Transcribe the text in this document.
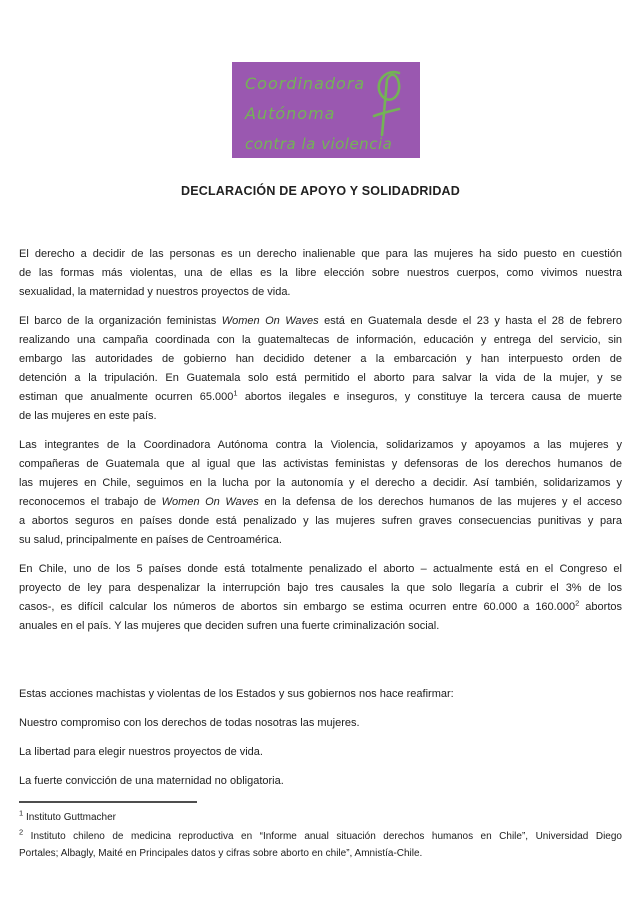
Coordinadora
Autónoma
contra la violencia
DECLARACIÓN DE APOYO Y SOLIDADRIDAD
El derecho a decidir de las personas es un derecho inalienable que para las mujeres ha sido puesto en cuestión
de las formas más violentas, una de ellas es la libre elección sobre nuestros cuerpos, como vivimos nuestra
sexualidad, la maternidad y nuestros proyectos de vida.
El barco de la organización feministas Women On Waves está en Guatemala desde el 23 y hasta el 28 de febrero
realizando una campaña coordinada con la guatemaltecas de información, educación y entrega del servicio, sin
embargo las autoridades de gobierno han decidido detener a la embarcación y han interpuesto orden de
detención a la tripulación. En Guatemala solo está permitido el aborto para salvar la vida de la mujer, y se
estiman que anualmente ocurren 65.000$^1$ abortos ilegales e inseguros, y constituye la tercera causa de muerte
de las mujeres en este país.
Las integrantes de la Coordinadora Autónoma contra la Violencia, solidarizamos y apoyamos a las mujeres y
compañeras de Guatemala que al igual que las activistas feministas y defensoras de los derechos humanos de
las mujeres en Chile, seguimos en la lucha por la autonomía y el derecho a decidir. Así también, solidarizamos y
reconocemos el trabajo de Women On Waves en la defensa de los derechos humanos de las mujeres y el acceso
a abortos seguros en países donde está penalizado y las mujeres sufren graves consecuencias punitivas y para
su salud, principalmente en países de Centroamérica.
En Chile, uno de los 5 países donde está totalmente penalizado el aborto – actualmente está en el Congreso el
proyecto de ley para despenalizar la interrupción bajo tres causales la que solo llegaría a cubrir el 3% de los
casos-, es difícil calcular los números de abortos sin embargo se estima ocurren entre 60.000 a 160.000$^2$ abortos
anuales en el país. Y las mujeres que deciden sufren una fuerte criminalización social.
Estas acciones machistas y violentas de los Estados y sus gobiernos nos hace reafirmar:
Nuestro compromiso con los derechos de todas nosotras las mujeres.
La libertad para elegir nuestros proyectos de vida.
La fuerte convicción de una maternidad no obligatoria.
$^1$ Instituto Guttmacher
$^2$ Instituto chileno de medicina reproductiva en “Informe anual situación derechos humanos en Chile”, Universidad Diego
Portales; Albagly, Maité en Principales datos y cifras sobre aborto en chile”, Amnistía-Chile.
